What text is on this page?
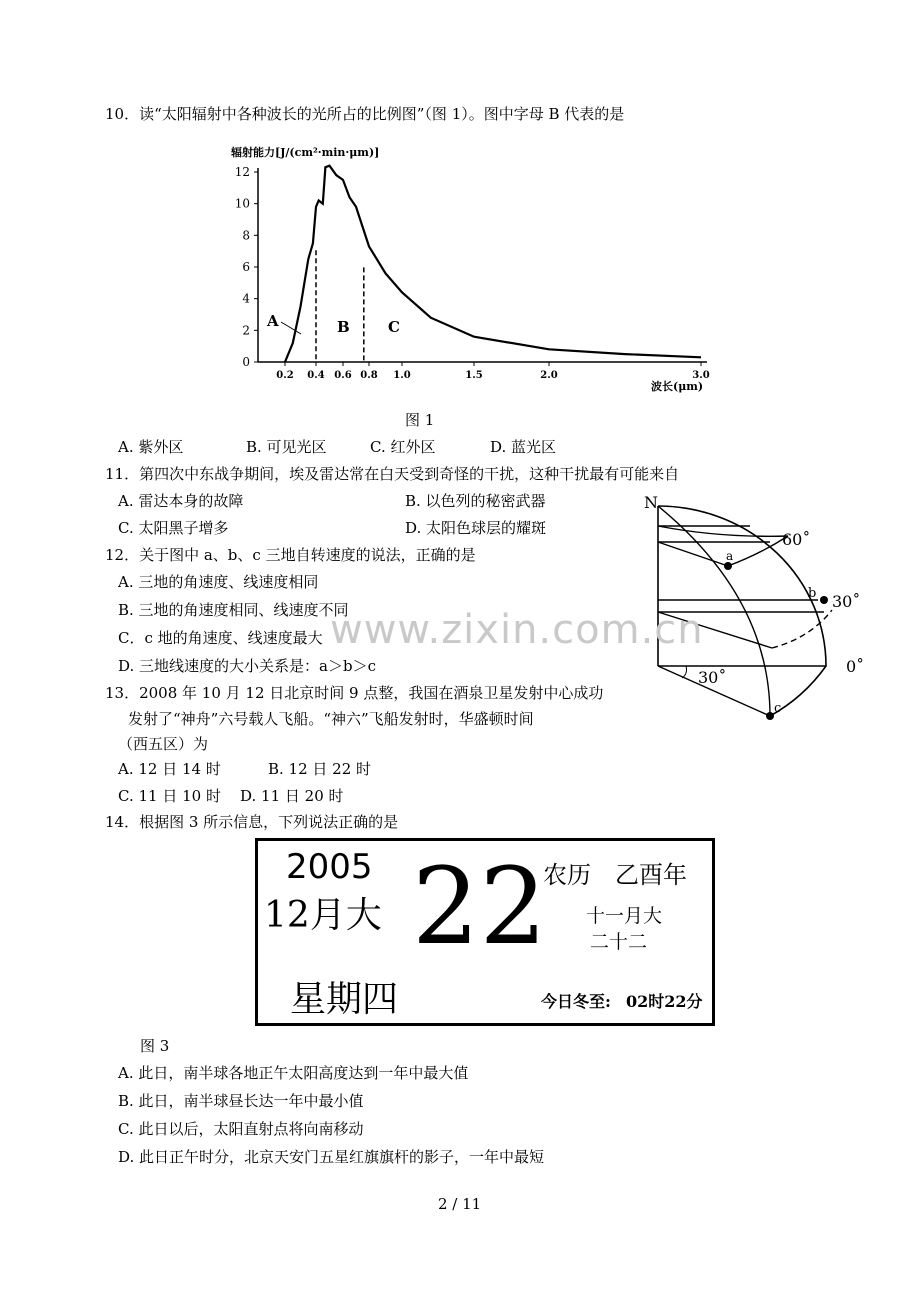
10．读“太阳辐射中各种波长的光所占的比例图”（图 1）。图中字母 B 代表的是
辐射能力[J/(cm²·min·μm)]
0
2
4
6
8
10
12
0.2 0.4 0.6 0.8 1.0	1.5	2.0	3.0
A	B	C
波长(μm)
图 1
A. 紫外区	B. 可见光区	C. 红外区	D. 蓝光区
11．第四次中东战争期间，埃及雷达常在白天受到奇怪的干扰，这种干扰最有可能来自
A. 雷达本身的故障	B. 以色列的秘密武器
C. 太阳黑子增多	D. 太阳色球层的耀斑
12．关于图中 a、b、c 三地自转速度的说法，正确的是
A. 三地的角速度、线速度相同
B. 三地的角速度相同、线速度不同
C．c 地的角速度、线速度最大
D. 三地线速度的大小关系是：a＞b＞c
N
a
b
c
60˚
30˚
0˚
30˚
www.zixin.com.cn
13．2008 年 10 月 12 日北京时间 9 点整，我国在酒泉卫星发射中心成功
发射了“神舟”六号载人飞船。“神六”飞船发射时，华盛顿时间
（西五区）为
A. 12 日 14 时	B. 12 日 22 时
C. 11 日 10 时 D. 11 日 20 时
14．根据图 3 所示信息，下列说法正确的是
2005
12月大 22
农历　乙酉年
十一月大
二十二
星期四	今日冬至: 02时22分
图 3
A. 此日，南半球各地正午太阳高度达到一年中最大值
B. 此日，南半球昼长达一年中最小值
C. 此日以后，太阳直射点将向南移动
D. 此日正午时分，北京天安门五星红旗旗杆的影子，一年中最短
2 / 11
